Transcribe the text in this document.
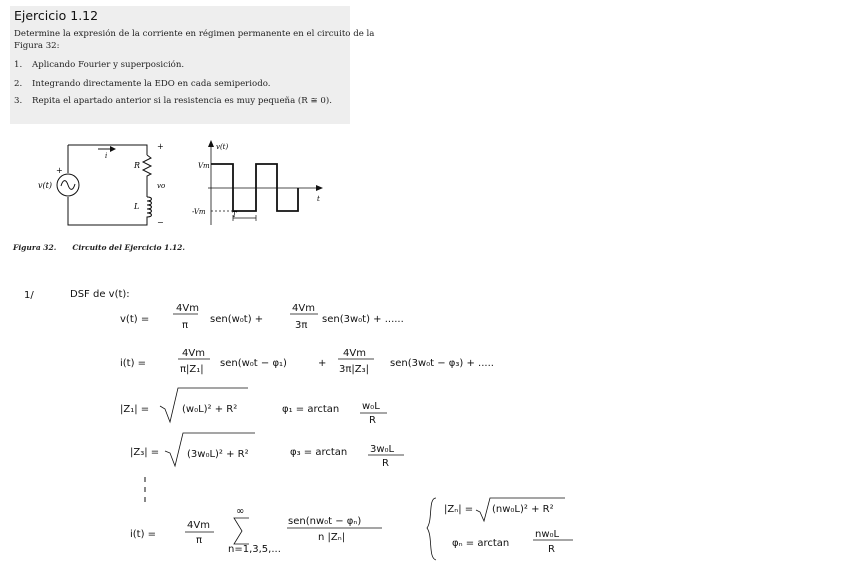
Ejercicio 1.12
Determine la expresión de la corriente en régimen permanente en el circuito de la
Figura 32:
1. Aplicando Fourier y superposición.
2. Integrando directamente la EDO en cada semiperiodo.
3. Repita el apartado anterior si la resistencia es muy pequeña (R ≅ 0).
i
R
L
vo
+
−
+
v(t)
v(t)
Vm
-Vm	T
t
Figura 32. Circuito del Ejercicio 1.12.
1/	DSF de v(t):
v(t) =
4Vm
π
sen(w₀t) +
4Vm
3π
sen(3w₀t) + ......
i(t) =
4Vm
π|Z₁|
sen(w₀t − φ₁)	+
4Vm
3π|Z₃|
sen(3w₀t − φ₃) + .....
|Z₁| =	(w₀L)² + R²	φ₁ = arctan w₀L
R
|Z₃| =	(3w₀L)² + R²	φ₃ = arctan 3w₀L
R
i(t) =
4Vm
π
∞
n=1,3,5,...
sen(nw₀t − φₙ)
n |Zₙ|
|Zₙ| = (nw₀L)² + R²
φₙ = arctan
nw₀L
R
